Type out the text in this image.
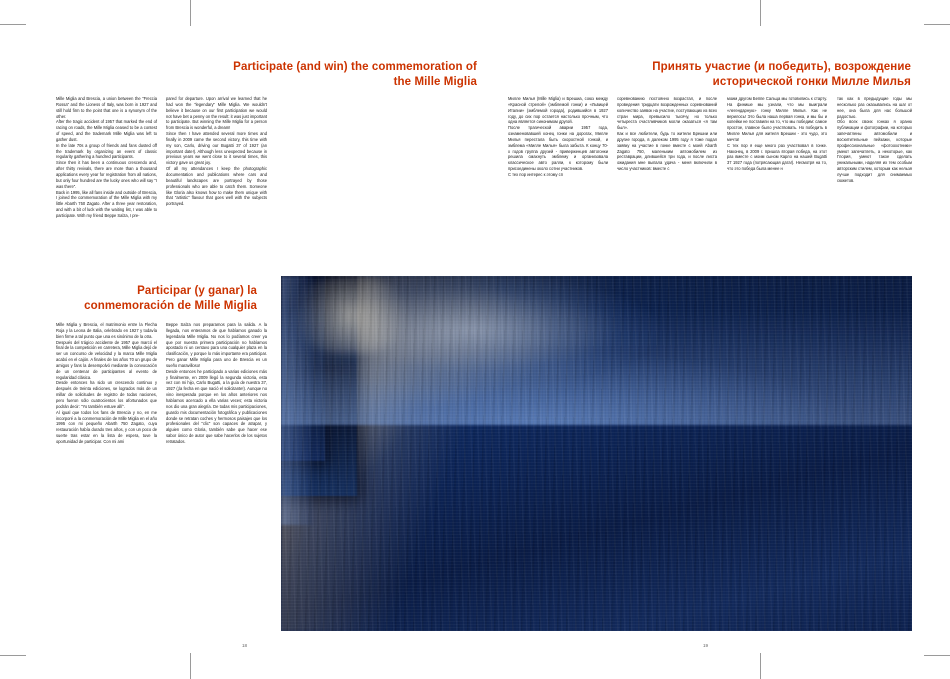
Participate (and win) the commemoration of the Mille Miglia
Принять участие (и победить), возрождение исторической гонки Милле Милья
Participar (y ganar) la conmemoración de Mille Miglia

Mille Miglia and Brescia, a union between the "Freccia Rossa" and the Lioness of Italy, was born in 1927 and still hold firm to the point that one is a synonym of the other.

After the tragic accident of 1957 that marked the end of racing on roads, the Mille Miglia ceased to be a contest of speed, and the trademark Mille Miglia was left to gather dust.

In the late 70s a group of friends and fans dusted off the trademark by organizing an event of classic regularity gathering a hundred participants.

Since then it has been a continuous crescendo and, after thirty revivals, there are more than a thousand applications every year for registration from all nations, but only four hundred are the lucky ones who will say "I was there".

Back in 1995, like all fans inside and outside of Brescia, I joined the commemoration of the Mille Miglia with my little Abarth 750 Zagato. After a three year restoration, and with a bit of luck with the waiting list, I was able to participate. With my friend Beppe Salza, I pre-

pared for departure. Upon arrival we learned that he had won the "legendary" Mille Miglia. We wouldn't believe it because on our first participation we would not have bet a penny on the result: it was just important to participate. But winning the Mille Miglia for a person from Brescia is wonderful, a dream!

Since then I have attended several more times and finally in 2009 came the second victory, this time with my son, Carlo, driving our Bugatti 37 of 1927 (an important date!). Although less unexpected because in previous years we went close to it several times, this victory gave us great joy.

Of all my attendances I keep the photographic documentation and publications where cars and beautiful landscapes are portrayed by those professionals who are able to catch them. Someone like Gloria also knows how to make them unique with that "artistic" flavour that goes well with the subjects portrayed.

Милле Милья (Mille Miglia) и Брешиа, союз между «Красной стрелой» (эмблемой гонки) и «Львицей Италии» (эмблемой города), родившийся в 1927 году, до сих пор остается настолько прочным, что одна является синонимом другой.

После трагической аварии 1957 года, ознаменовавшей конец гонки на дорогах, Милле Милья перестала быть скоростной гонкой, и эмблема «Милле Милья» была забыта. К концу 70-х годов группа друзей - приверженцев автогонки решила смахнуть эмблему и организовала классическое авто ралли, к которому были присоединены около сотни участников.

С тех пор интерес к этому сп

соревнованию постоянно возрастал, и после проведения тридцати возрожденных соревнований количество заявок на участие, поступающих из всех стран мира, превысило тысячу, но только четыреста счастливчиков могли оказаться «я там был».

Как и все любители, будь то жители Брешии или другие города, в далеком 1995 году я тоже подал заявку на участие в гонке вместе с моей Abarth Zagato 750, маленьким автомобилем из реставрации, длившейся три года, и после листа ожидания мне выпала удача - меня включили в число участников: вместе с

моим другом Беппе Сальца мы готовились к старту. На финише мы узнали, что мы выиграли «легендарную» гонку Милле Милья. Как не верилось! Это была наша первая гонка, и мы бы и копейки не поставили на то, что мы победим: самое простое, главное было участвовать. Но победить в Милле Милья для жителя Брешии - это чудо, это мечта!

С тех пор я еще много раз участвовал в гонке. Наконец, в 2009 г. пришла вторая победа, на этот раз вместе с моим сыном Карло на нашей Bugatti 37 1927 года (потрясающая дата!). Несмотря на то, что это победа была менее н

так как в предыдущие годы мы несколько раз оказывались на шаг от нее, она была для нас большой радостью.

Обо всех своих гонках я храню публикации и фотографии, на которых запечатлены автомобили и восхитительные пейзажи, которые профессиональные «фотоохотники» умеют запечатлеть, а некоторые, как Глория, умеют такое сделать уникальными, наделяя их тем особым авторским стилем, которым как нельзя лучше подходит для снимаемых сюжетов.

Mille Miglia y Brescia, el matrimonio entre la Flecha Roja y la Leona de Italia, celebrado en 1927 y todavía bien firme a tal punto que una es sinónimo de la otra.

Después del trágico accidente de 1957 que marcó el final de la competición en carretera, Mille Miglia dejó de ser un concurso de velocidad y la marca Mille Miglia acabó en el cajón. A finales de los años 70 un grupo de amigos y fans la desempolvó mediante la convocación de un centenar de participantes al evento de regularidad clásica.

Desde entonces ha sido un crescendo continuo y después de treinta ediciones, se logrados más de un millar de solicitudes de registro de todas naciones, pero fueron sólo cuatrocientos los afortunados que podrán decir: "Yo también estuve allí".

Al igual que todos los fans de Brescia y no, en me incorporé a la conmemoración de Mille Miglia en el año 1995 con mi pequeño Abarth 750 Zagato, cuya restauración había durado tres años, y con un poco de suerte tras estar en la lista de espera, tuve la oportunidad de participar. Con mi ami

Beppe Salza nos preparamos para la salida. A la llegada, nos enteramos de que habíamos ganado la legendaria Mille Miglia. No nos lo podíamos creer ya que por nuestra primera participación no habíamos apostado ni un centavo para una cualquier plaza en la clasificación, y porque lo más importante era participar. Pero ganar Mille Miglia para uno de Brescia es un sueño maravilloso!

Desde entonces he participado a varias ediciones más y finalmente, en 2009 llegó la segunda victoria, esta vez con mi hijo, Carlo Bugatti, a la guía de nuestra 37, 1927 (¡la fecha en que nació el solicitante!). Aunque no vino inesperada porque en los años anteriores nos habíamos acercado a ella varias veces; esta victoria nos dio una gran alegría. De todas mis participaciones, guardo mis documentación fotográfica y publicaciones donde se retratan coches y hermosos paisajes que los profesionales del "clic" son capaces de atrapar, y alguien como Gloria, también sabe que hacer ese sabor único de autor que sabe hacerlos de los sujetos retratados.

18	19
